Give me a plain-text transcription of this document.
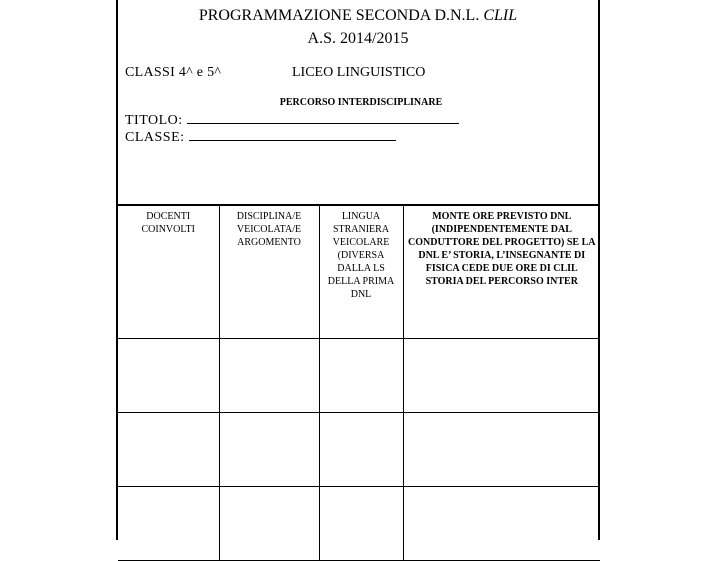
PROGRAMMAZIONE SECONDA D.N.L. CLIL
A.S. 2014/2015
CLASSI 4^ e 5^	LICEO LINGUISTICO
PERCORSO INTERDISCIPLINARE
TITOLO:
CLASSE:
DOCENTI COINVOLTI	DISCIPLINA/E VEICOLATA/E ARGOMENTO	LINGUA STRANIERA VEICOLARE (DIVERSA DALLA LS DELLA PRIMA DNL	MONTE ORE PREVISTO DNL (INDIPENDENTEMENTE DAL CONDUTTORE DEL PROGETTO) SE LA DNL E’ STORIA, L’INSEGNANTE DI FISICA CEDE DUE ORE DI CLIL STORIA DEL PERCORSO INTER
